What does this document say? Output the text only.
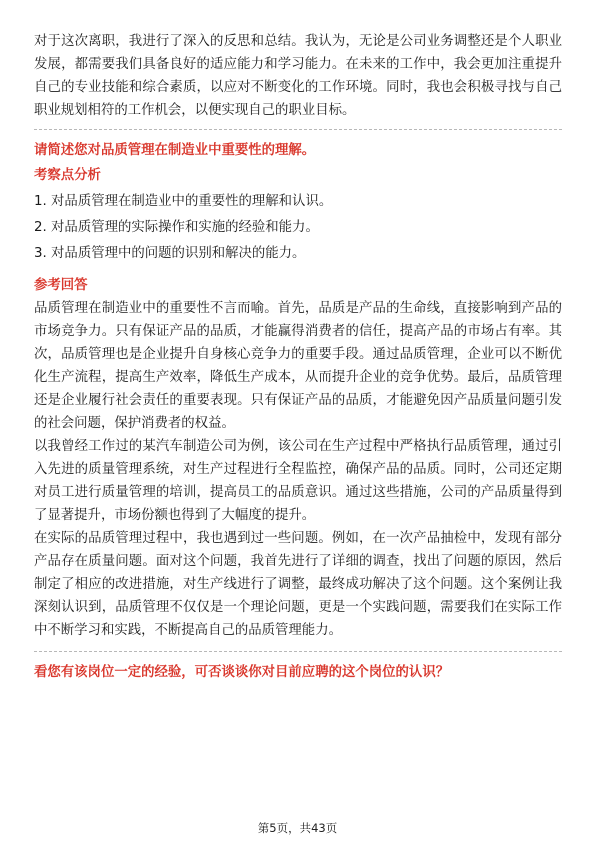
对于这次离职，我进行了深入的反思和总结。我认为，无论是公司业务调整还是个人职业发展，都需要我们具备良好的适应能力和学习能力。在未来的工作中，我会更加注重提升自己的专业技能和综合素质，以应对不断变化的工作环境。同时，我也会积极寻找与自己职业规划相符的工作机会，以便实现自己的职业目标。

请简述您对品质管理在制造业中重要性的理解。

考察点分析

1. 对品质管理在制造业中的重要性的理解和认识。
2. 对品质管理的实际操作和实施的经验和能力。
3. 对品质管理中的问题的识别和解决的能力。

参考回答

品质管理在制造业中的重要性不言而喻。首先，品质是产品的生命线，直接影响到产品的市场竞争力。只有保证产品的品质，才能赢得消费者的信任，提高产品的市场占有率。其次，品质管理也是企业提升自身核心竞争力的重要手段。通过品质管理，企业可以不断优化生产流程，提高生产效率，降低生产成本，从而提升企业的竞争优势。最后，品质管理还是企业履行社会责任的重要表现。只有保证产品的品质，才能避免因产品质量问题引发的社会问题，保护消费者的权益。

以我曾经工作过的某汽车制造公司为例，该公司在生产过程中严格执行品质管理，通过引入先进的质量管理系统，对生产过程进行全程监控，确保产品的品质。同时，公司还定期对员工进行质量管理的培训，提高员工的品质意识。通过这些措施，公司的产品质量得到了显著提升，市场份额也得到了大幅度的提升。

在实际的品质管理过程中，我也遇到过一些问题。例如，在一次产品抽检中，发现有部分产品存在质量问题。面对这个问题，我首先进行了详细的调查，找出了问题的原因，然后制定了相应的改进措施，对生产线进行了调整，最终成功解决了这个问题。这个案例让我深刻认识到，品质管理不仅仅是一个理论问题，更是一个实践问题，需要我们在实际工作中不断学习和实践，不断提高自己的品质管理能力。

看您有该岗位一定的经验，可否谈谈你对目前应聘的这个岗位的认识？

第5页，共43页
